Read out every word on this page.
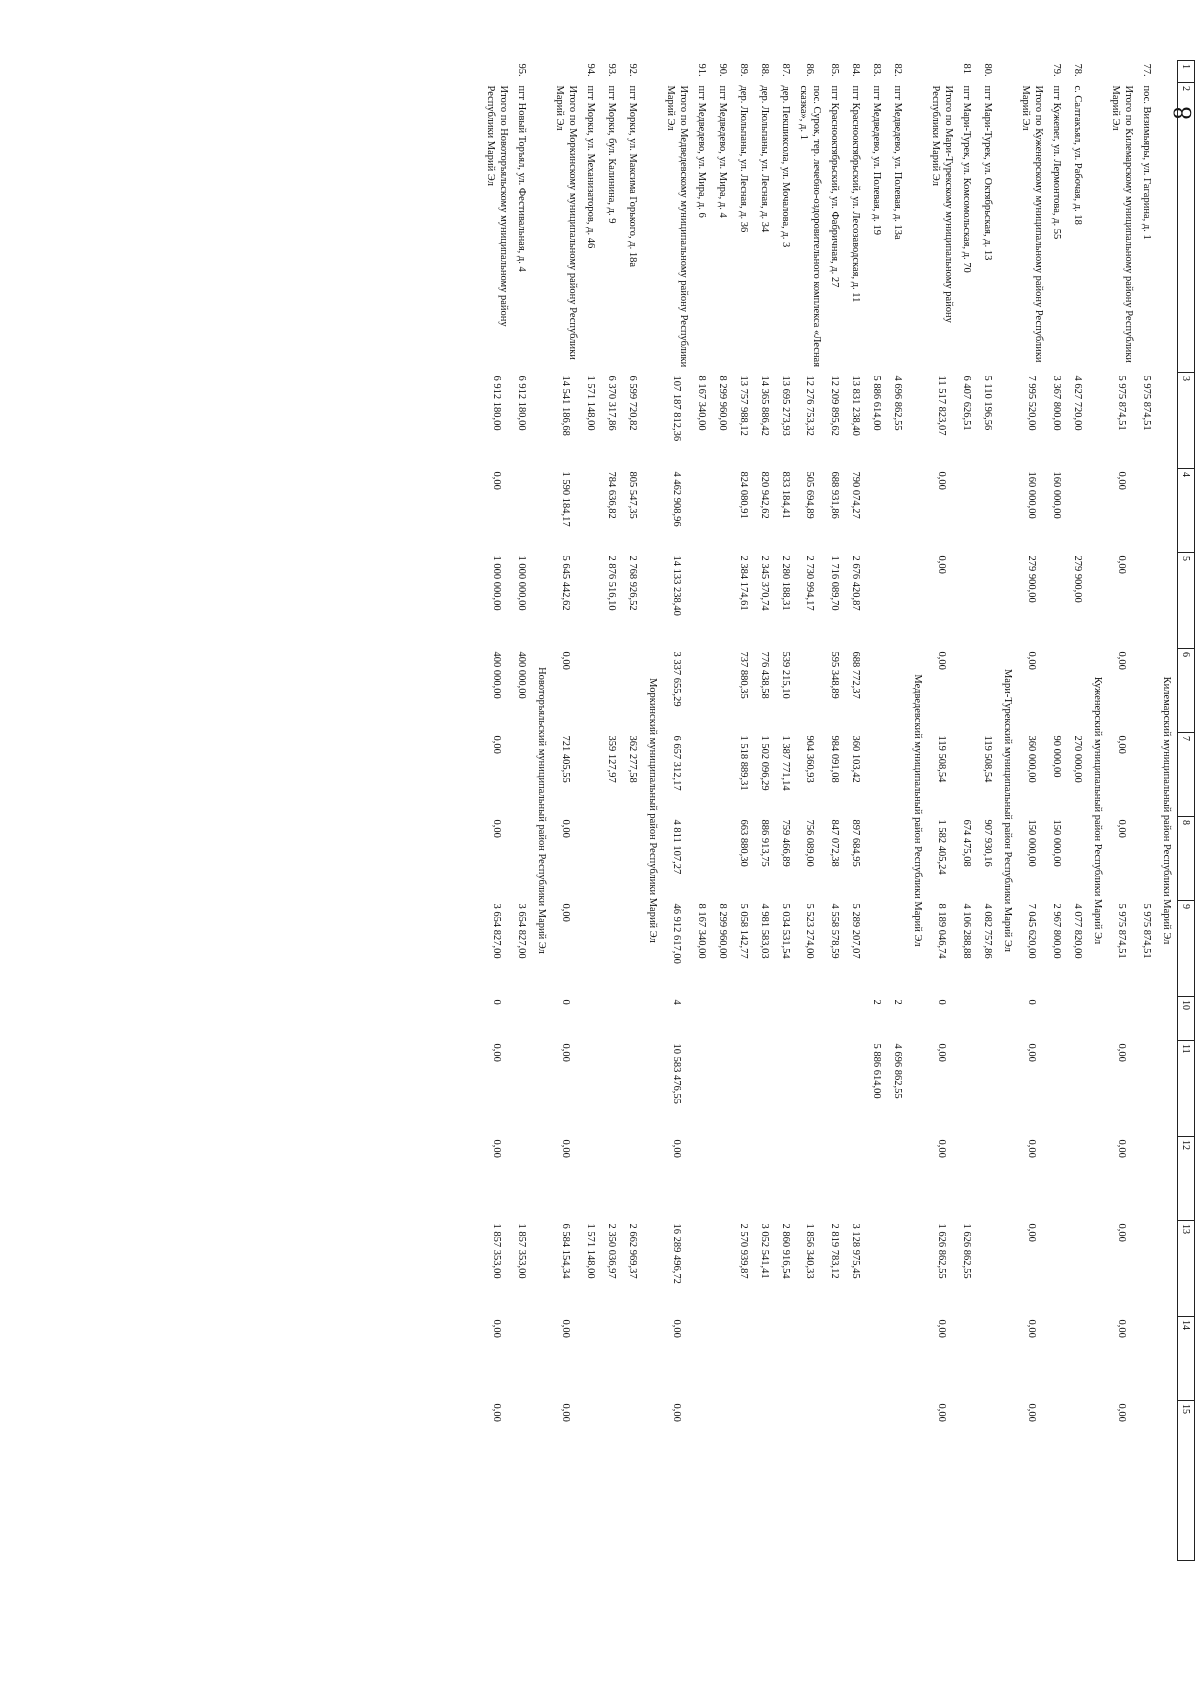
8
1	2	3	4	5	6	7	8	9	10	11	12	13	14	15
Килемарский муниципальный район Республики Марий Эл														
77.	пос. Визимьяры, ул. Гагарина, д. 1	5 975 874,51						5 975 874,51						
	Итого по Килемарскому муниципальному району Республики Марий Эл	5 975 874,51	0,00	0,00	0,00	0,00	0,00	5 975 874,51		0,00	0,00	0,00	0,00	0,00
Куженерский муниципальный район Республики Марий Эл														
78.	с. Салтакъял, ул. Рабочая, д. 18	4 627 720,00		279 900,00		270 000,00		4 077 820,00						
79.	пгт Кужener, ул. Лермонтова, д. 55	3 367 800,00	160 000,00			90 000,00	150 000,00	2 967 800,00						
	Итого по Куженерскому муниципальному району Республики Марий Эл	7 995 520,00	160 000,00	279 900,00	0,00	360 000,00	150 000,00	7 045 620,00	0	0,00	0,00	0,00	0,00	0,00
Мари-Турекский муниципальный район Республики Марий Эл														
80.	пгт Мари-Турек, ул. Октябрьская, д. 13	5 110 196,56				119 508,54	907 930,16	4 082 757,86						
81	пгт Мари-Турек, ул. Комсомольская, д. 70	6 407 626,51					674 475,08	4 106 288,88				1 626 862,55		
	Итого по Мари-Турекскому муниципальному району Республики Марий Эл	11 517 823,07	0,00	0,00	0,00	119 508,54	1 582 405,24	8 189 046,74	0	0,00	0,00	1 626 862,55	0,00	0,00
Медведевский муниципальный район Республики Марий Эл														
82.	пгт Медведево, ул. Полевая, д. 13а	4 696 862,55							2	4 696 862,55				
83.	пгт Медведево, ул. Полевая, д. 19	5 886 614,00							2	5 886 614,00				
84.	пгт Краснооктябрьский, ул. Лесозаводская, д. 11	13 831 238,40	790 074,27	2 676 420,87	688 772,37	360 103,42	897 684,95	5 289 207,07				3 128 975,45		
85.	пгт Краснооктябрьский, ул. Фабричная, д. 27	12 209 895,62	688 931,86	1 716 089,70	595 348,89	984 091,08	847 072,38	4 558 578,59				2 819 783,12		
86.	пос. Сурок, тер. лечебно-оздоровительного комплекса «Лесная сказка», д. 1	12 276 753,32	505 694,89	2 730 994,17		904 360,93	756 089,00	5 523 274,00				1 856 340,33		
87.	дер. Пекшиксола, ул. Мочалова, д. 3	13 695 273,93	833 184,41	2 280 188,31	539 215,10	1 387 771,14	759 466,89	5 034 531,54				2 860 916,54		
88.	дер. Люльпаны, ул. Лесная, д. 34	14 365 886,42	820 942,62	2 345 370,74	776 438,58	1 502 096,29	886 913,75	4 981 583,03				3 052 541,41		
89.	дер. Люльпаны, ул. Лесная, д. 36	13 757 988,12	824 080,91	2 384 174,61	737 880,35	1 518 889,31	663 880,30	5 058 142,77				2 570 939,87		
90.	пгт Медведево, ул. Мира, д. 4	8 299 960,00						8 299 960,00						
91.	пгт Медведево, ул. Мира, д. 6	8 167 340,00						8 167 340,00						
	Итого по Медведевскому муниципальному району Республики Марий Эл	107 187 812,36	4 462 908,96	14 133 238,40	3 337 655,29	6 657 312,17	4 811 107,27	46 912 617,00	4	10 583 476,55	0,00	16 289 496,72	0,00	0,00
Моркинский муниципальный район Республики Марий Эл														
92.	пгт Морки, ул. Максима Горького, д. 18а	6 599 720,82	805 547,35	2 768 926,52		362 277,58						2 662 969,37		
93.	пгт Морки, бул. Калинина, д. 9	6 370 317,86	784 636,82	2 876 516,10		359 127,97						2 350 036,97		
94.	пгт Морки, ул. Механизаторов, д. 46	1 571 148,00										1 571 148,00		
	Итого по Моркинскому муниципальному району Республики Марий Эл	14 541 186,68	1 590 184,17	5 645 442,62	0,00	721 405,55	0,00	0,00	0	0,00	0,00	6 584 154,34	0,00	0,00
Новоторъяльский муниципальный район Республики Марий Эл														
95.	пгт Новый Торъял, ул. Фестивальная, д. 4	6 912 180,00		1 000 000,00	400 000,00			3 654 827,00				1 857 353,00		
	Итого по Новоторъяльскому муниципальному району Республики Марий Эл	6 912 180,00	0,00	1 000 000,00	400 000,00	0,00	0,00	3 654 827,00	0	0,00	0,00	1 857 353,00	0,00	0,00
